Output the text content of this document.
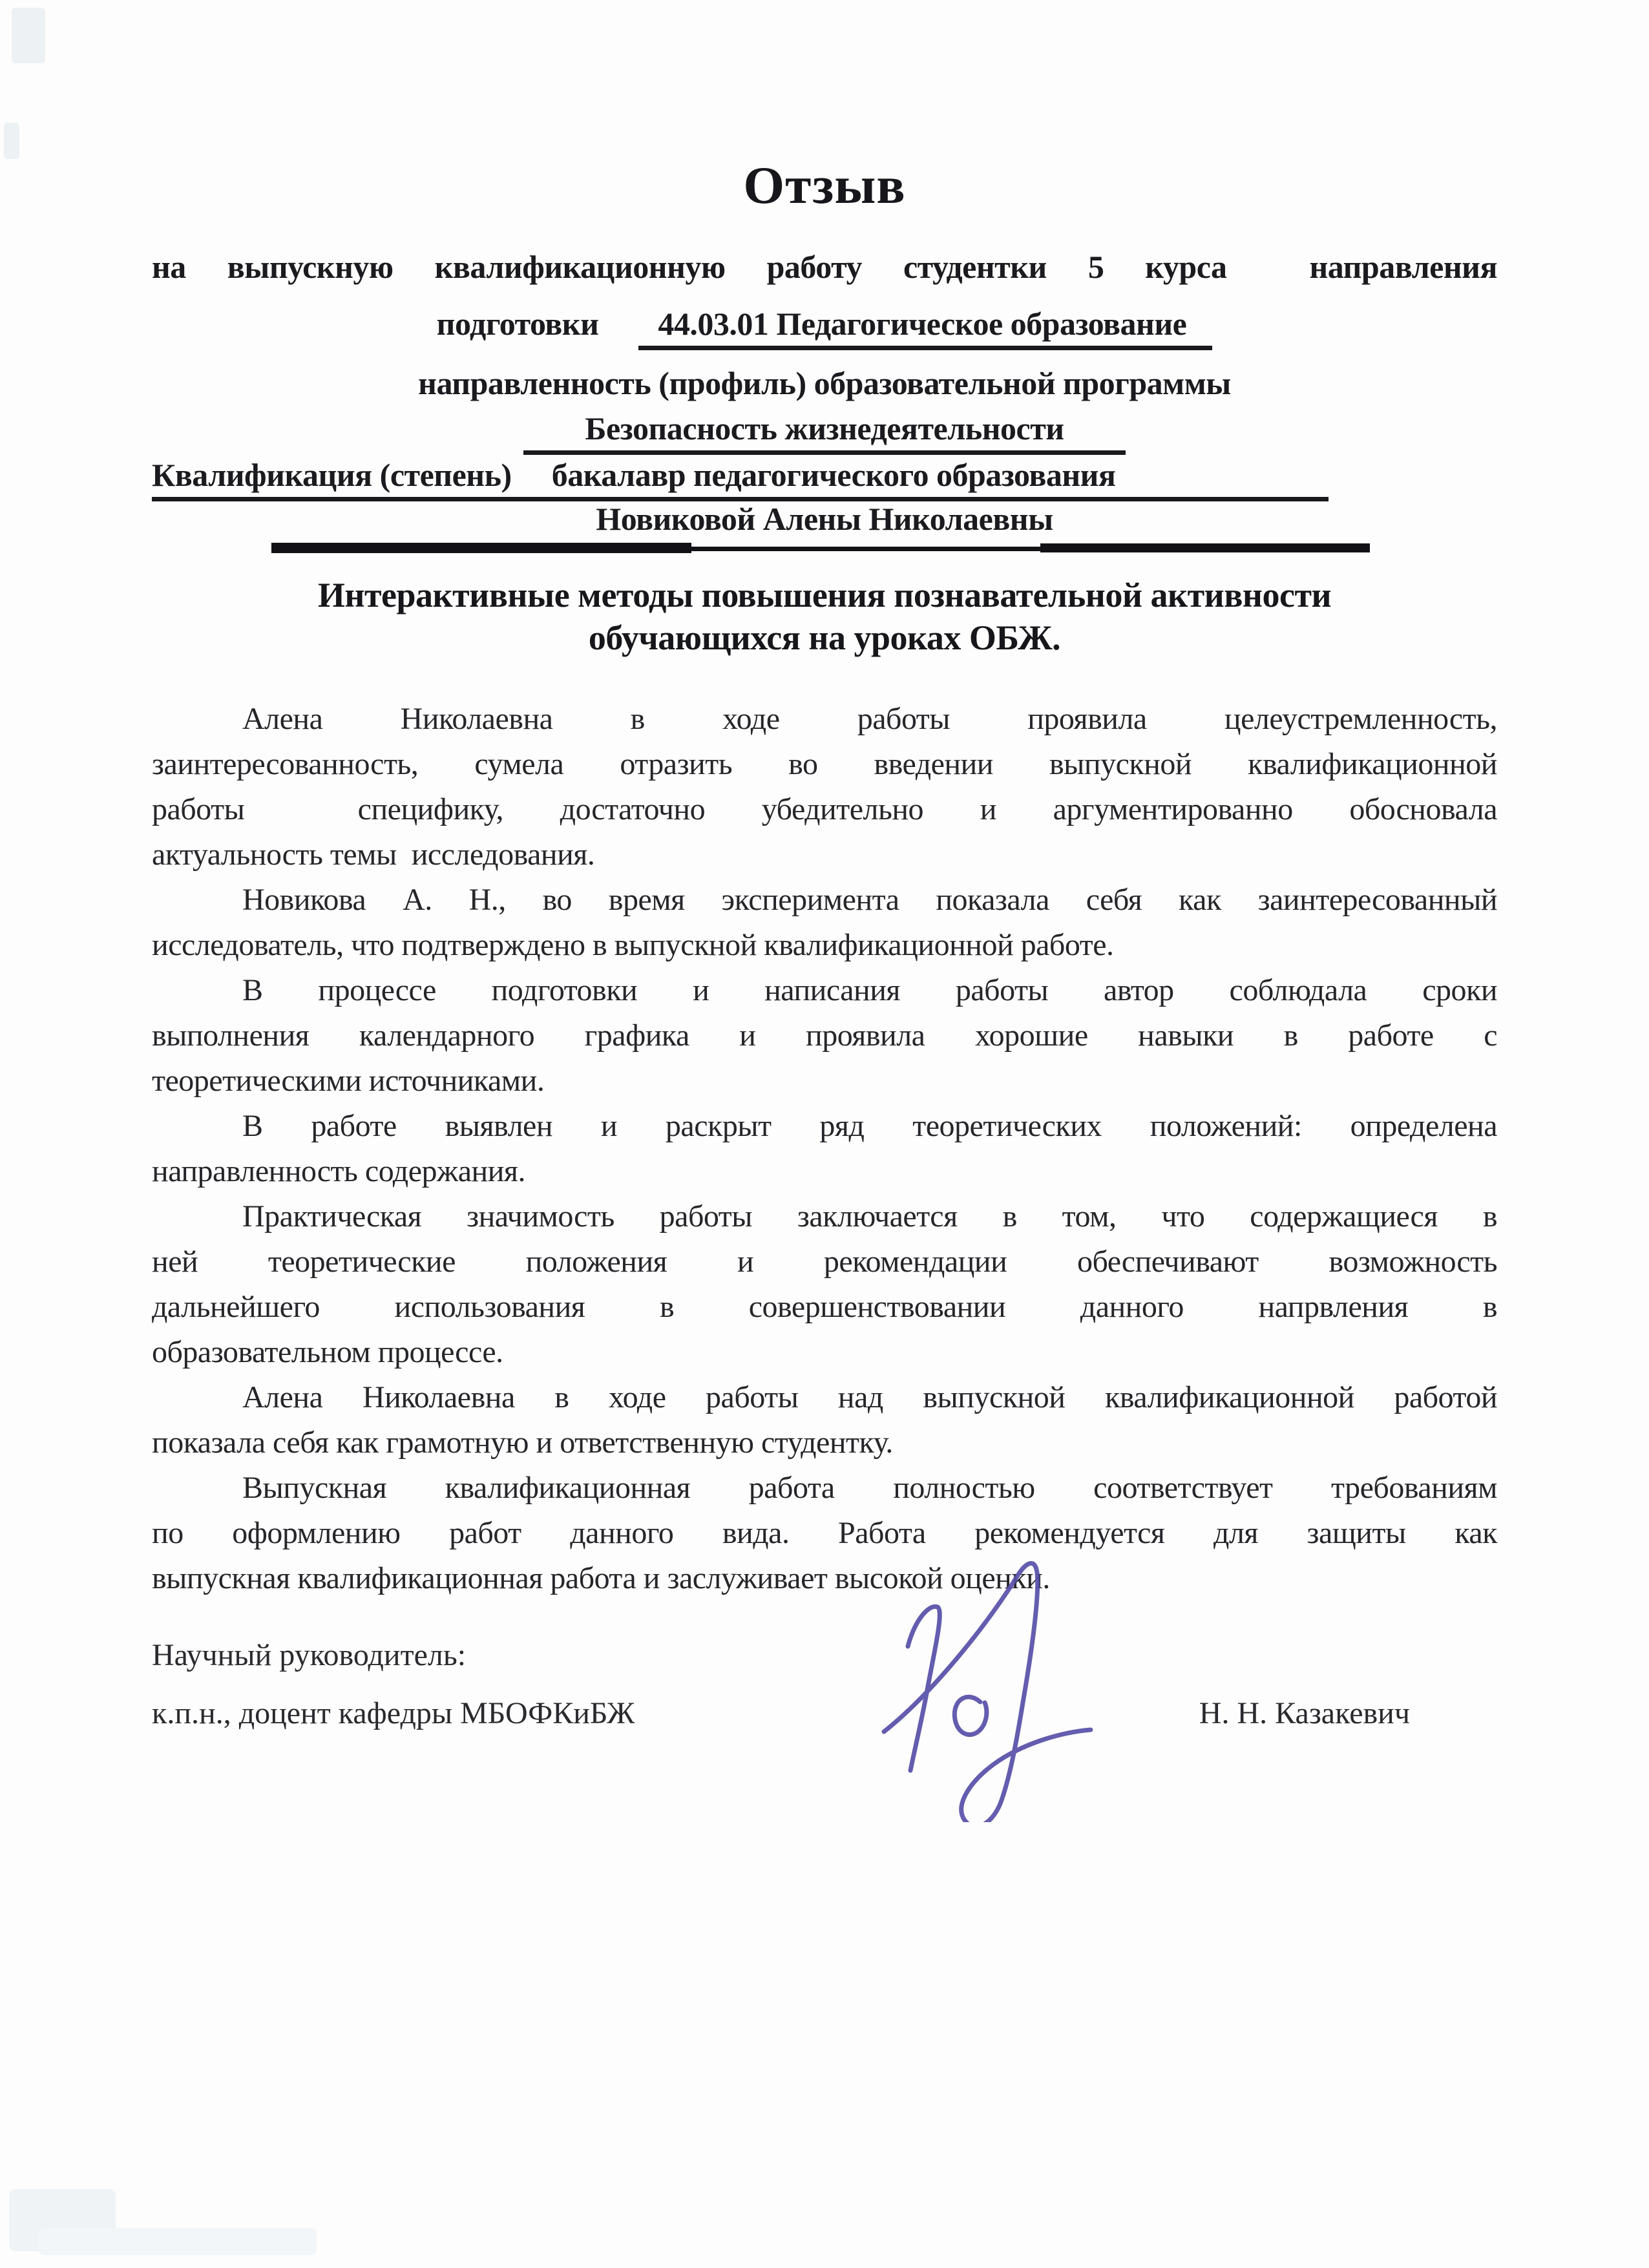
Отзыв
на выпускную квалификационную работу студентки 5 курса  направления
подготовки 44.03.01 Педагогическое образование
направленность (профиль) образовательной программы
Безопасность жизнедеятельности
Квалификация (степень) бакалавр педагогического образования
Новиковой Алены Николаевны
Интерактивные методы повышения познавательной активности
обучающихся на уроках ОБЖ.
Алена Николаевна в ходе работы проявила целеустремленность,
заинтересованность, сумела отразить во введении выпускной квалификационной
работы  специфику, достаточно убедительно и аргументированно обосновала
актуальность темы  исследования.
Новикова А. Н., во время эксперимента показала себя как заинтересованный
исследователь, что подтверждено в выпускной квалификационной работе.
В процессе подготовки и написания работы автор соблюдала сроки
выполнения календарного графика и проявила хорошие навыки в работе с
теоретическими источниками.
В работе выявлен и раскрыт ряд теоретических положений: определена
направленность содержания.
Практическая значимость работы заключается в том, что содержащиеся в
ней теоретические положения и рекомендации обеспечивают возможность
дальнейшего использования в совершенствовании данного напрвления в
образовательном процессе.
Алена Николаевна в ходе работы над выпускной квалификационной работой
показала себя как грамотную и ответственную студентку.
Выпускная квалификационная работа полностью соответствует требованиям
по оформлению работ данного вида. Работа рекомендуется для защиты как
выпускная квалификационная работа и заслуживает высокой оценки.
Научный руководитель:
к.п.н., доцент кафедры МБОФКиБЖ	Н. Н. Казакевич
